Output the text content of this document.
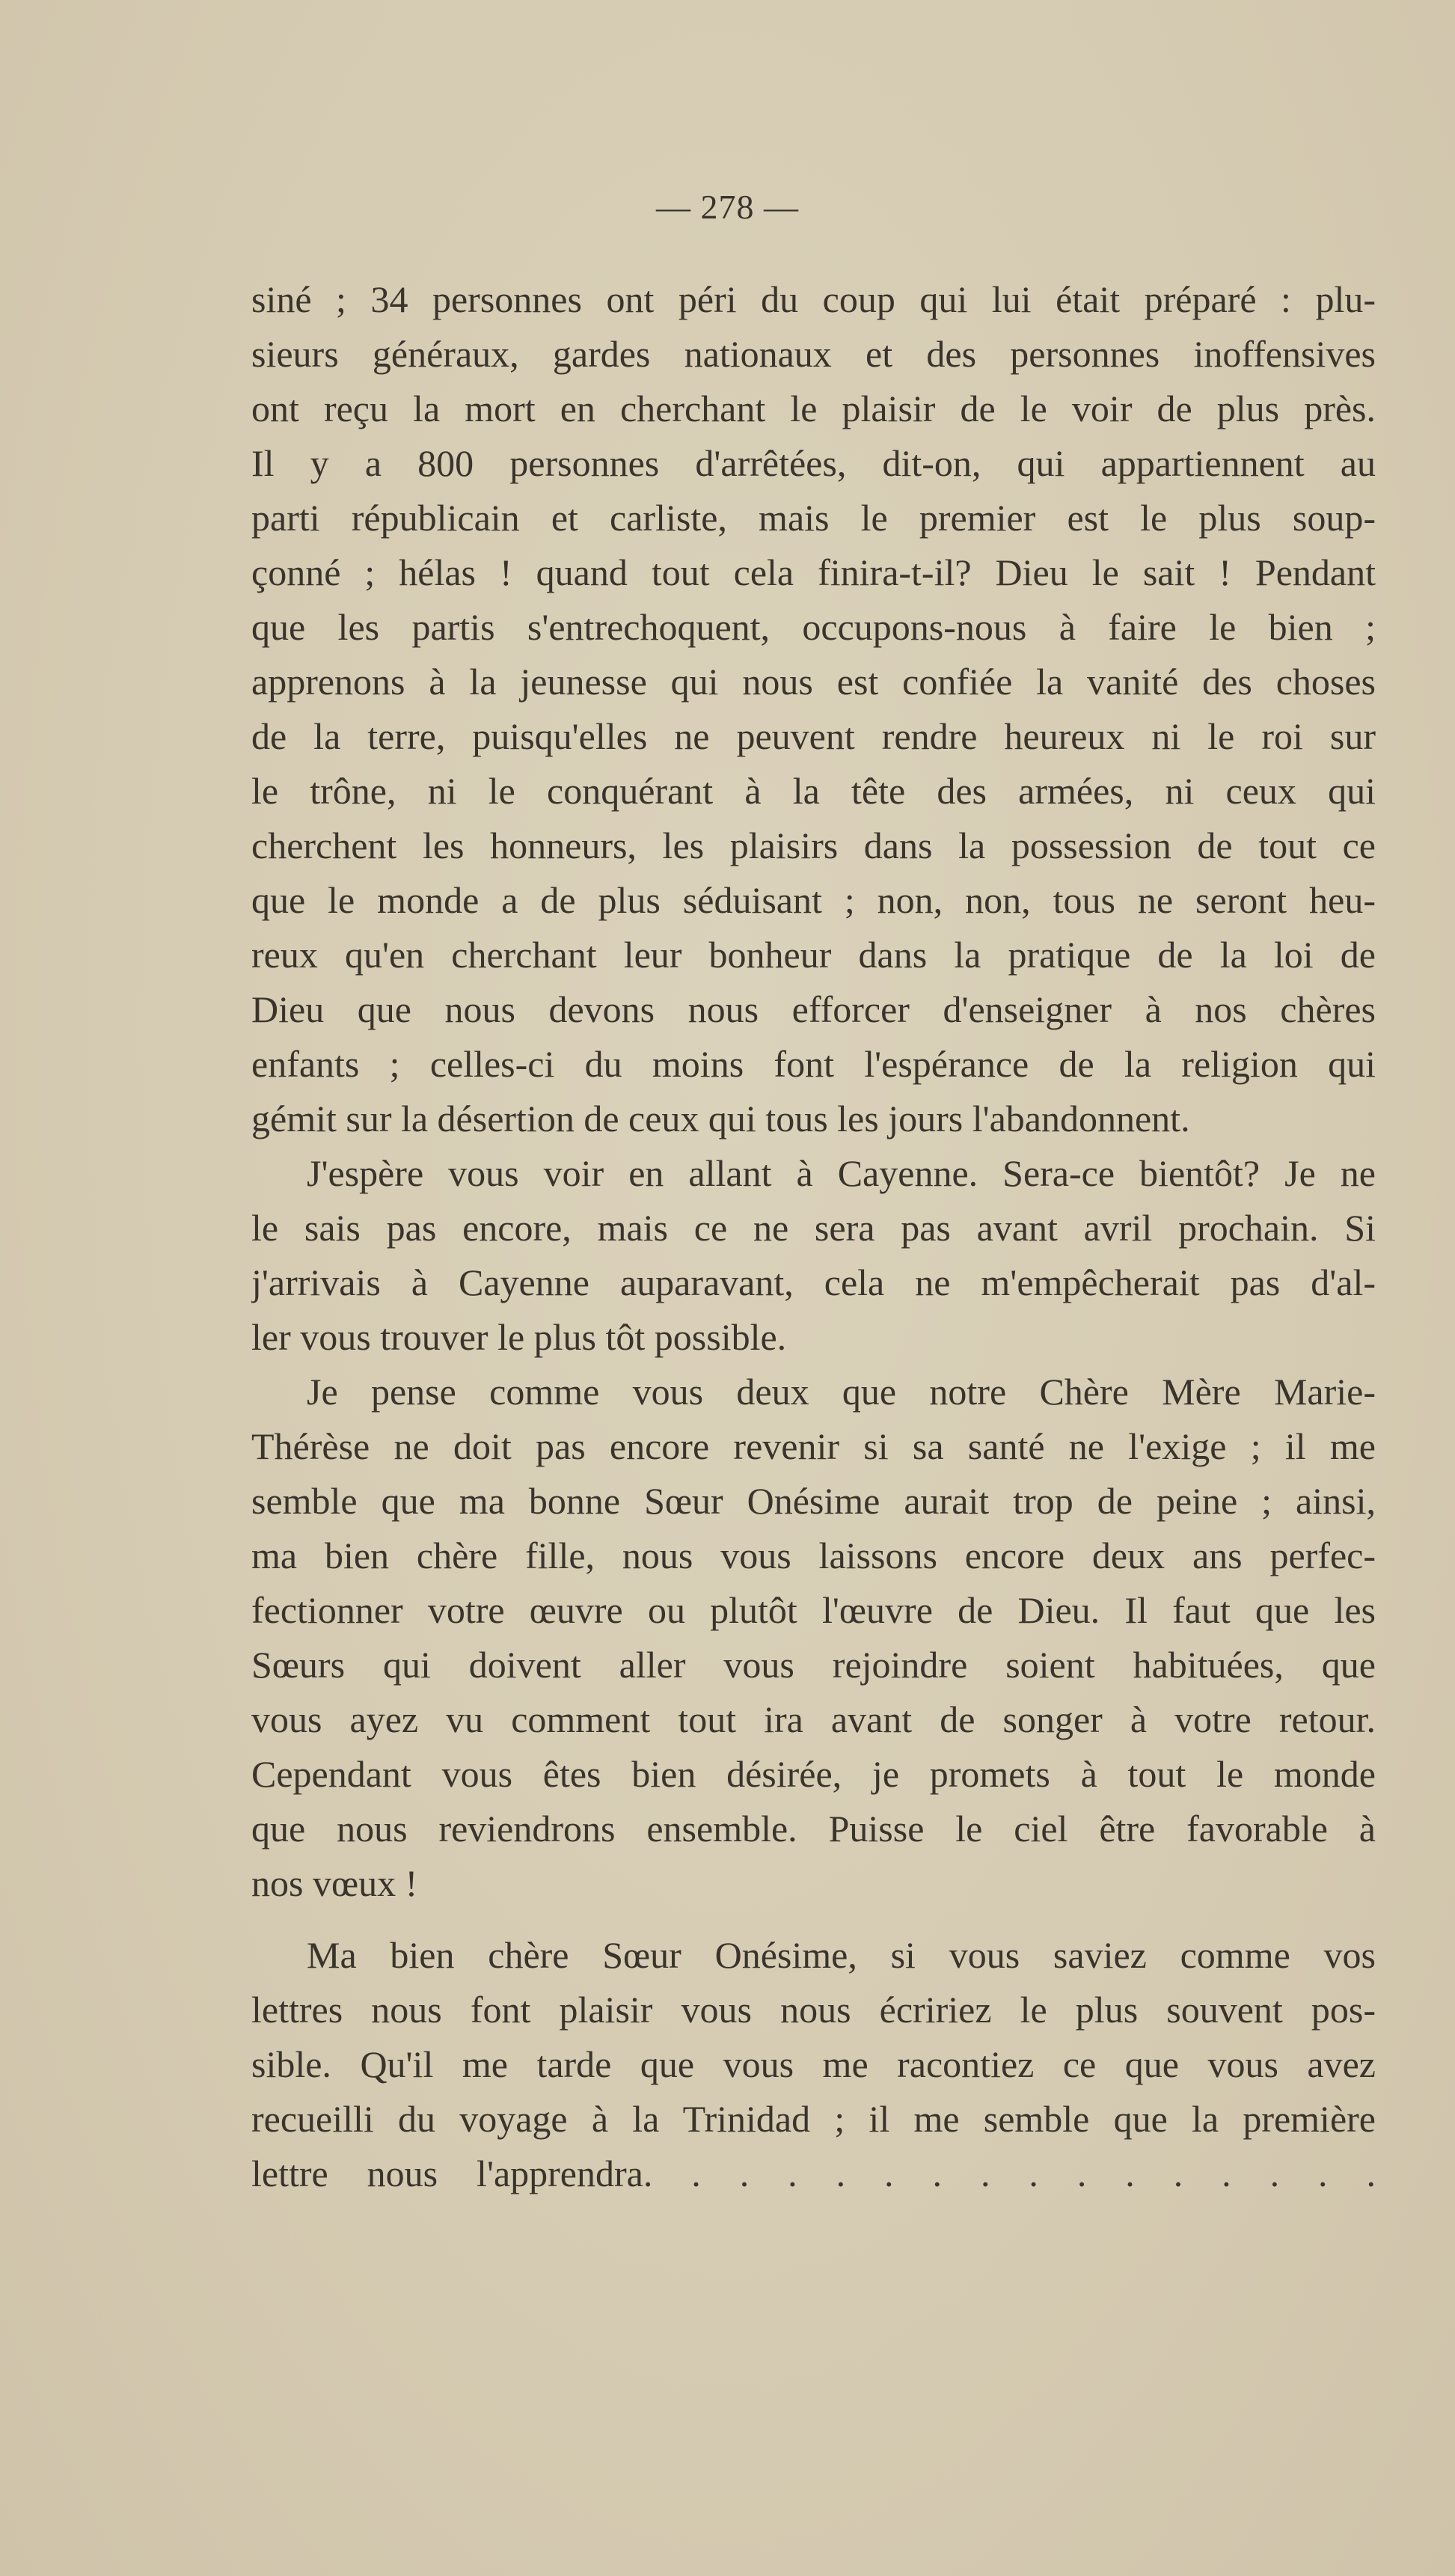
— 278 —
siné ; 34 personnes ont péri du coup qui lui était préparé : plu-
sieurs généraux, gardes nationaux et des personnes inoffensives
ont reçu la mort en cherchant le plaisir de le voir de plus près.
Il y a 800 personnes d'arrêtées, dit-on, qui appartiennent au
parti républicain et carliste, mais le premier est le plus soup-
çonné ; hélas ! quand tout cela finira-t-il? Dieu le sait ! Pendant
que les partis s'entrechoquent, occupons-nous à faire le bien ;
apprenons à la jeunesse qui nous est confiée la vanité des choses
de la terre, puisqu'elles ne peuvent rendre heureux ni le roi sur
le trône, ni le conquérant à la tête des armées, ni ceux qui
cherchent les honneurs, les plaisirs dans la possession de tout ce
que le monde a de plus séduisant ; non, non, tous ne seront heu-
reux qu'en cherchant leur bonheur dans la pratique de la loi de
Dieu que nous devons nous efforcer d'enseigner à nos chères
enfants ; celles-ci du moins font l'espérance de la religion qui
gémit sur la désertion de ceux qui tous les jours l'abandonnent.
J'espère vous voir en allant à Cayenne. Sera-ce bientôt? Je ne
le sais pas encore, mais ce ne sera pas avant avril prochain. Si
j'arrivais à Cayenne auparavant, cela ne m'empêcherait pas d'al-
ler vous trouver le plus tôt possible.
Je pense comme vous deux que notre Chère Mère Marie-
Thérèse ne doit pas encore revenir si sa santé ne l'exige ; il me
semble que ma bonne Sœur Onésime aurait trop de peine ; ainsi,
ma bien chère fille, nous vous laissons encore deux ans perfec-
fectionner votre œuvre ou plutôt l'œuvre de Dieu. Il faut que les
Sœurs qui doivent aller vous rejoindre soient habituées, que
vous ayez vu comment tout ira avant de songer à votre retour.
Cependant vous êtes bien désirée, je promets à tout le monde
que nous reviendrons ensemble. Puisse le ciel être favorable à
nos vœux !
Ma bien chère Sœur Onésime, si vous saviez comme vos
lettres nous font plaisir vous nous écririez le plus souvent pos-
sible. Qu'il me tarde que vous me racontiez ce que vous avez
recueilli du voyage à la Trinidad ; il me semble que la première
lettre nous l'apprendra. . . . . . . . . . . . . . . .
